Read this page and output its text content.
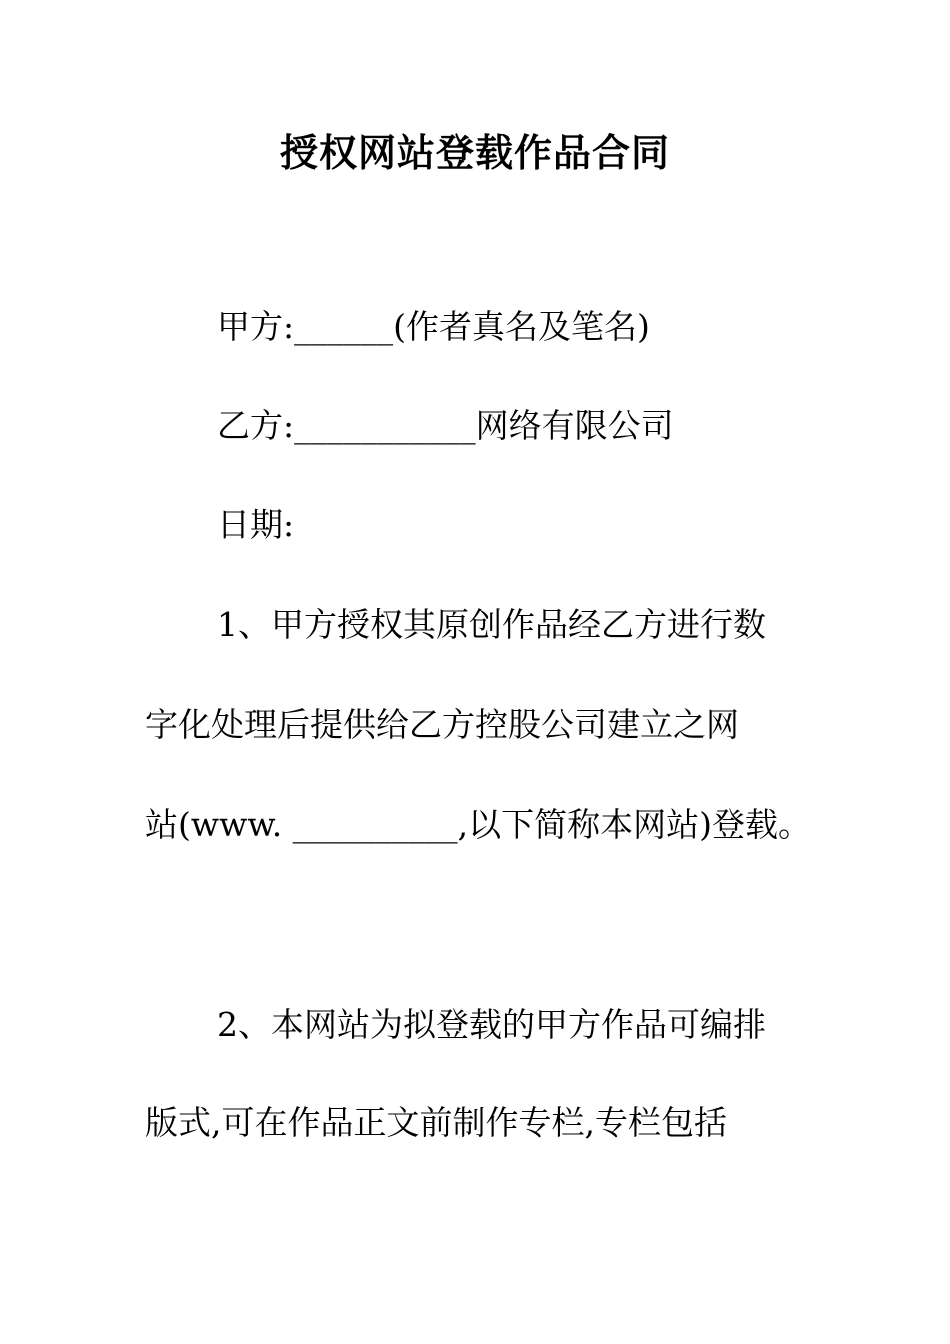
授权网站登载作品合同
甲方:______(作者真名及笔名)
乙方:___________网络有限公司
日期:
1、甲方授权其原创作品经乙方进行数
字化处理后提供给乙方控股公司建立之网
站(www. __________,以下简称本网站)登载。
2、本网站为拟登载的甲方作品可编排
版式,可在作品正文前制作专栏,专栏包括
